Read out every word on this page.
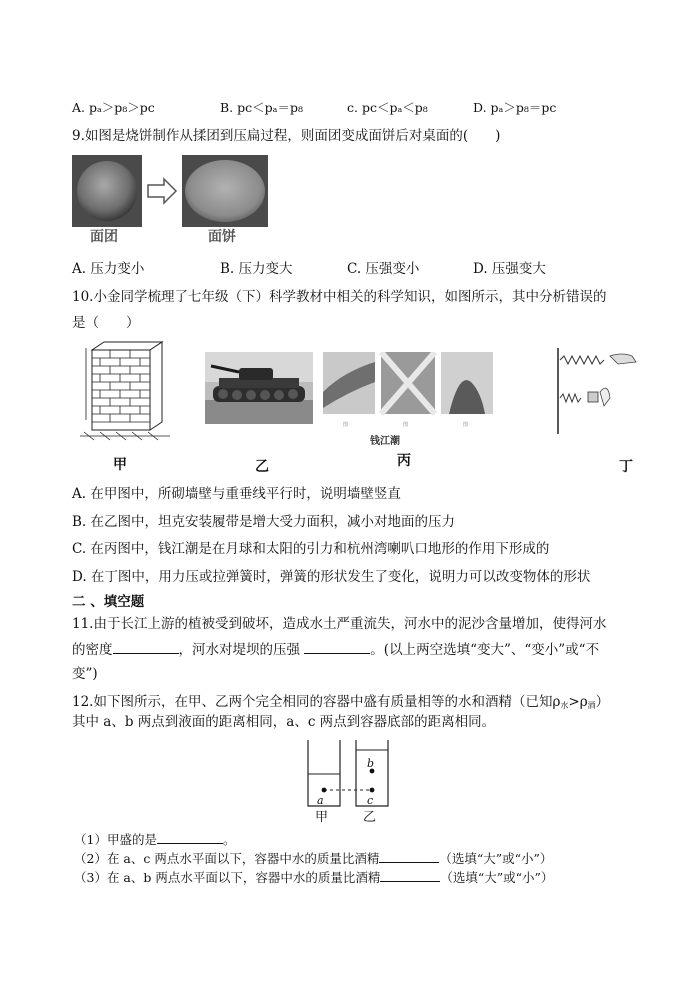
A. pₐ＞p₈＞pc	B. pc＜pₐ＝p₈	c. pc＜pₐ＜p₈	D. pₐ＞p₈＝pc
9.如图是烧饼制作从揉团到压扁过程，则面团变成面饼后对桌面的(　　)
面团	面饼
A. 压力变小	B. 压力变大	C. 压强变小	D. 压强变大
10.小金同学梳理了七年级（下）科学教材中相关的科学知识，如图所示，其中分析错误的
是（　　）
甲	乙
图	图	图
钱江潮
丙	丁
A. 在甲图中，所砌墙壁与重垂线平行时，说明墙壁竖直
B. 在乙图中，坦克安装履带是增大受力面积，减小对地面的压力
C. 在丙图中，钱江潮是在月球和太阳的引力和杭州湾喇叭口地形的作用下形成的
D. 在丁图中，用力压或拉弹簧时，弹簧的形状发生了变化，说明力可以改变物体的形状
二 、填空题
11.由于长江上游的植被受到破坏，造成水土严重流失，河水中的泥沙含量增加，使得河水
的密度	，河水对堤坝的压强	。(以上两空选填“变大”、“变小”或“不
变”)
12.如下图所示，在甲、乙两个完全相同的容器中盛有质量相等的水和酒精（已知$\rho_水>\rho_酒$）
其中 a、b 两点到液面的距离相同，a、c 两点到容器底部的距离相同。
a
b
c
甲	乙
（1）甲盛的是	。
（2）在 a、c 两点水平面以下，容器中水的质量比酒精	（选填“大”或“小”）
（3）在 a、b 两点水平面以下，容器中水的质量比酒精	（选填“大”或“小”）
